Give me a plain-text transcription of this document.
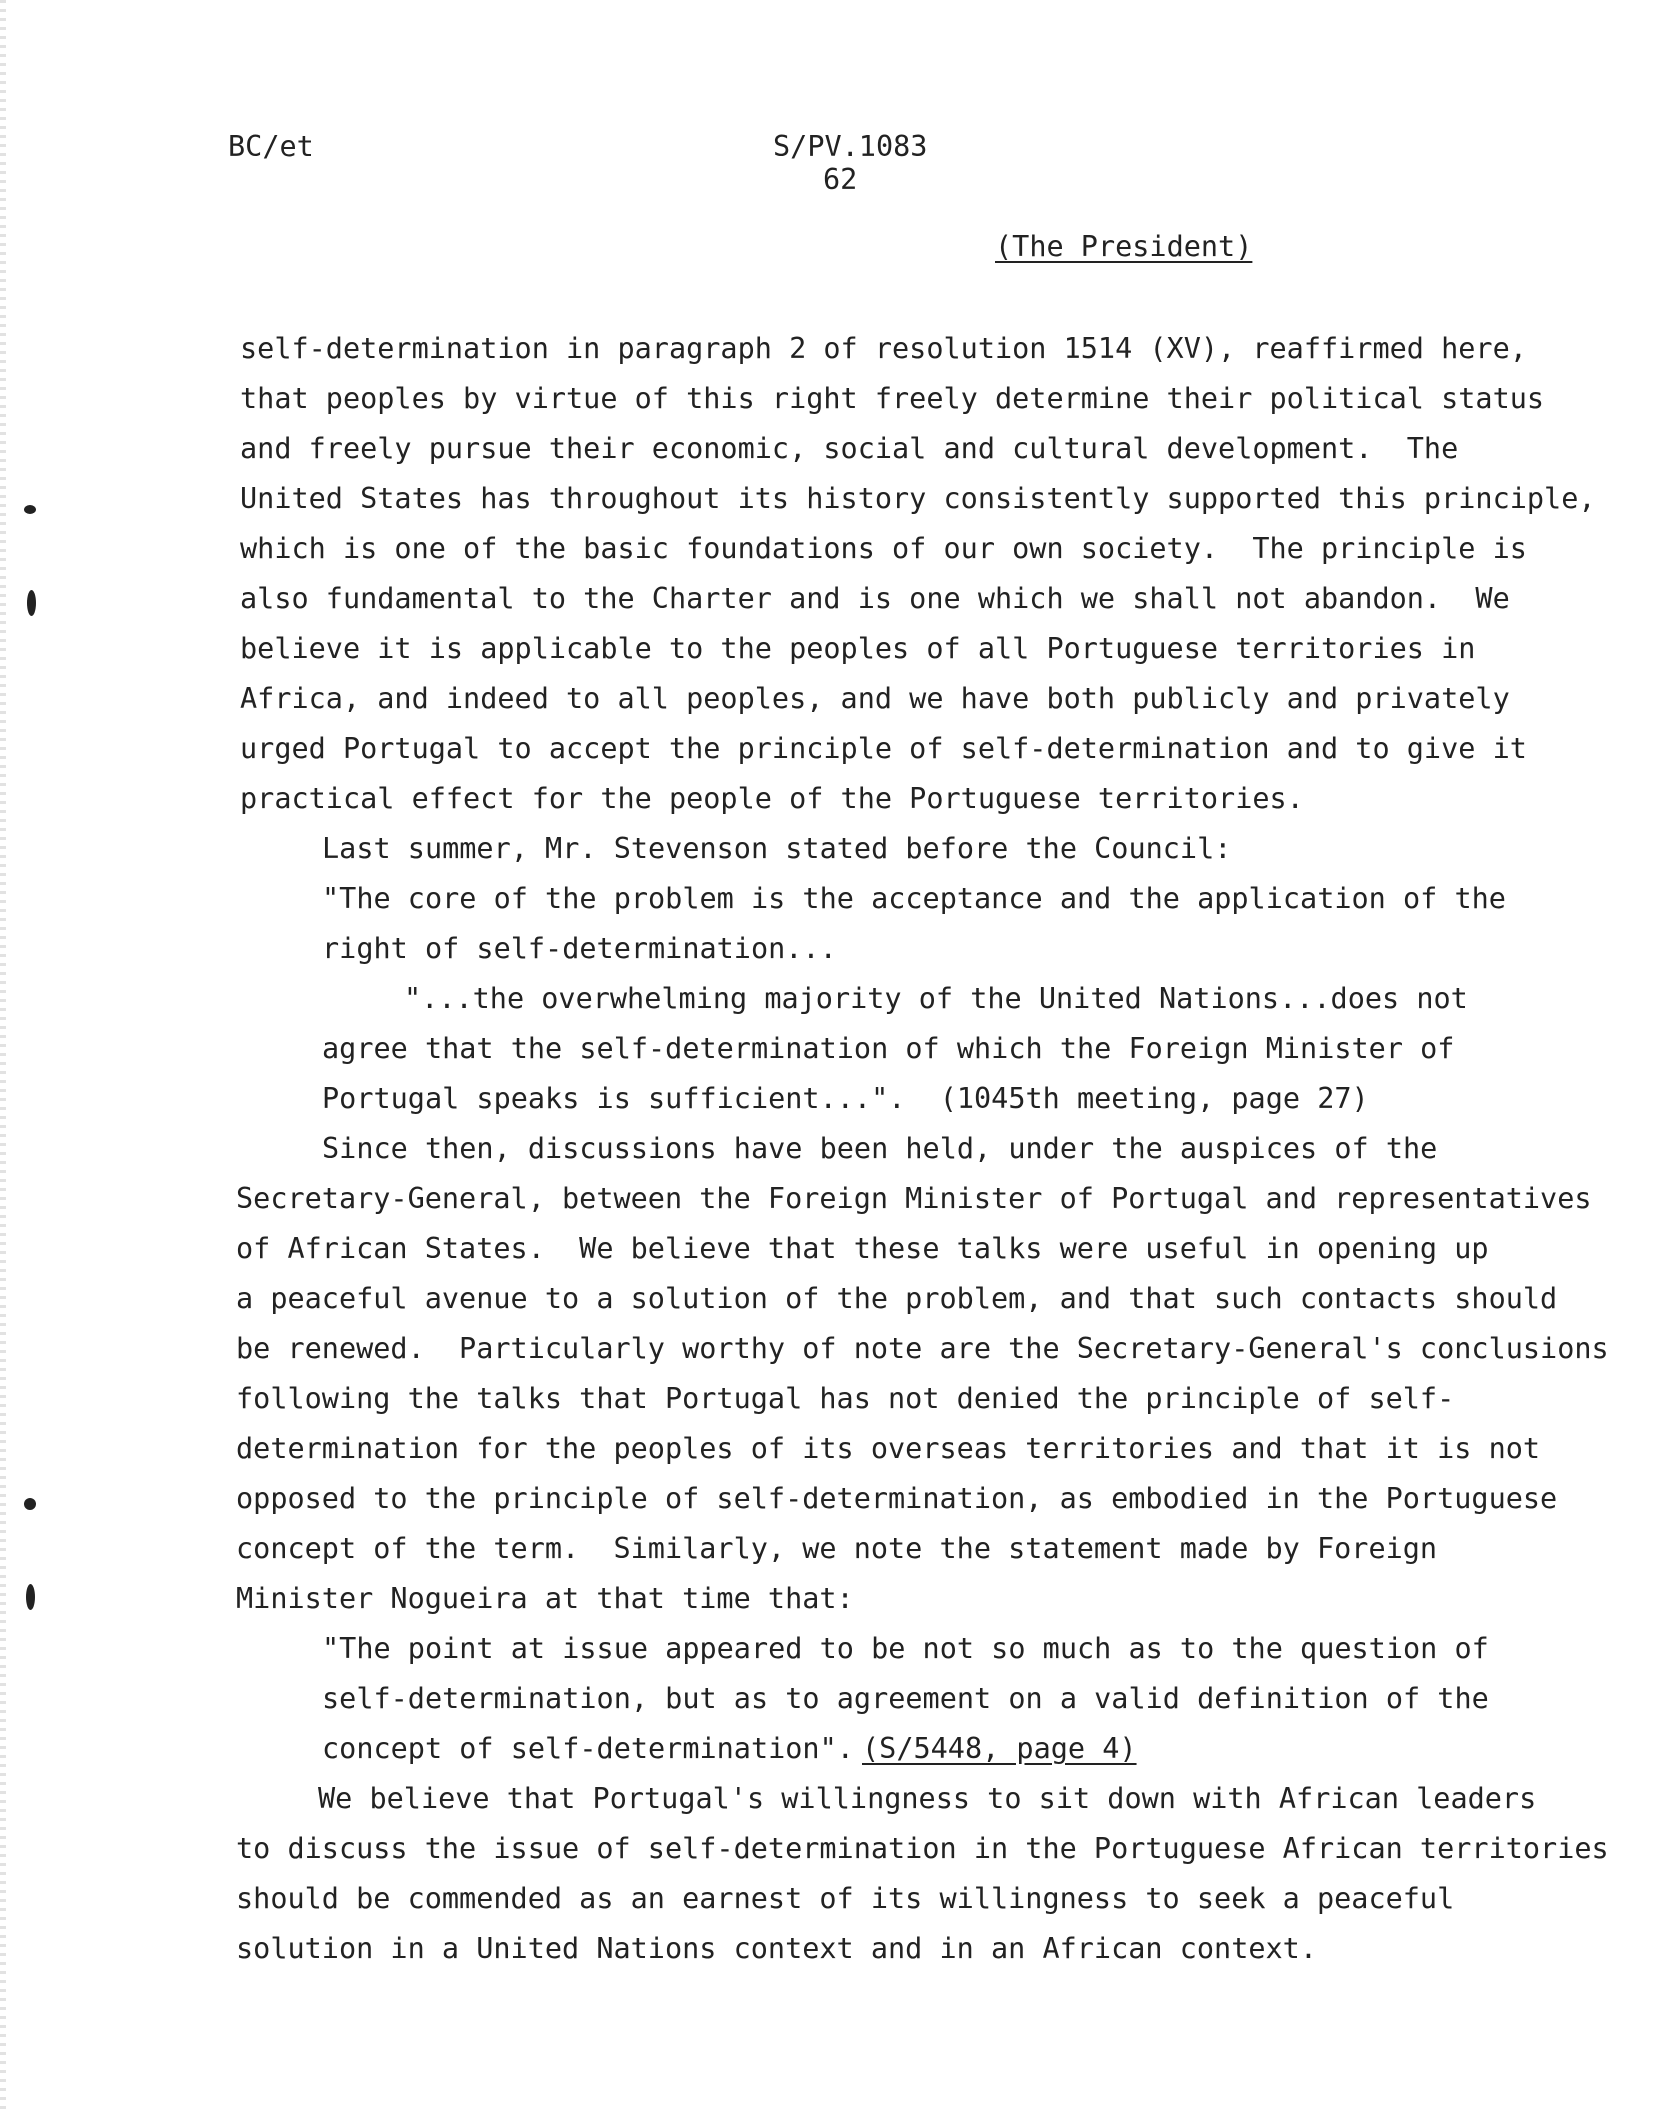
BC/et	S/PV.1083
62
(The President)
self-determination in paragraph 2 of resolution 1514 (XV), reaffirmed here,
that peoples by virtue of this right freely determine their political status
and freely pursue their economic, social and cultural development.  The
United States has throughout its history consistently supported this principle,
which is one of the basic foundations of our own society.  The principle is
also fundamental to the Charter and is one which we shall not abandon.  We
believe it is applicable to the peoples of all Portuguese territories in
Africa, and indeed to all peoples, and we have both publicly and privately
urged Portugal to accept the principle of self-determination and to give it
practical effect for the people of the Portuguese territories.
Last summer, Mr. Stevenson stated before the Council:
"The core of the problem is the acceptance and the application of the
right of self-determination...
"...the overwhelming majority of the United Nations...does not
agree that the self-determination of which the Foreign Minister of
Portugal speaks is sufficient...".  (1045th meeting, page 27)
Since then, discussions have been held, under the auspices of the
Secretary-General, between the Foreign Minister of Portugal and representatives
of African States.  We believe that these talks were useful in opening up
a peaceful avenue to a solution of the problem, and that such contacts should
be renewed.  Particularly worthy of note are the Secretary-General's conclusions
following the talks that Portugal has not denied the principle of self-
determination for the peoples of its overseas territories and that it is not
opposed to the principle of self-determination, as embodied in the Portuguese
concept of the term.  Similarly, we note the statement made by Foreign
Minister Nogueira at that time that:
"The point at issue appeared to be not so much as to the question of
self-determination, but as to agreement on a valid definition of the
concept of self-determination". (S/5448, page 4)
We believe that Portugal's willingness to sit down with African leaders
to discuss the issue of self-determination in the Portuguese African territories
should be commended as an earnest of its willingness to seek a peaceful
solution in a United Nations context and in an African context.
